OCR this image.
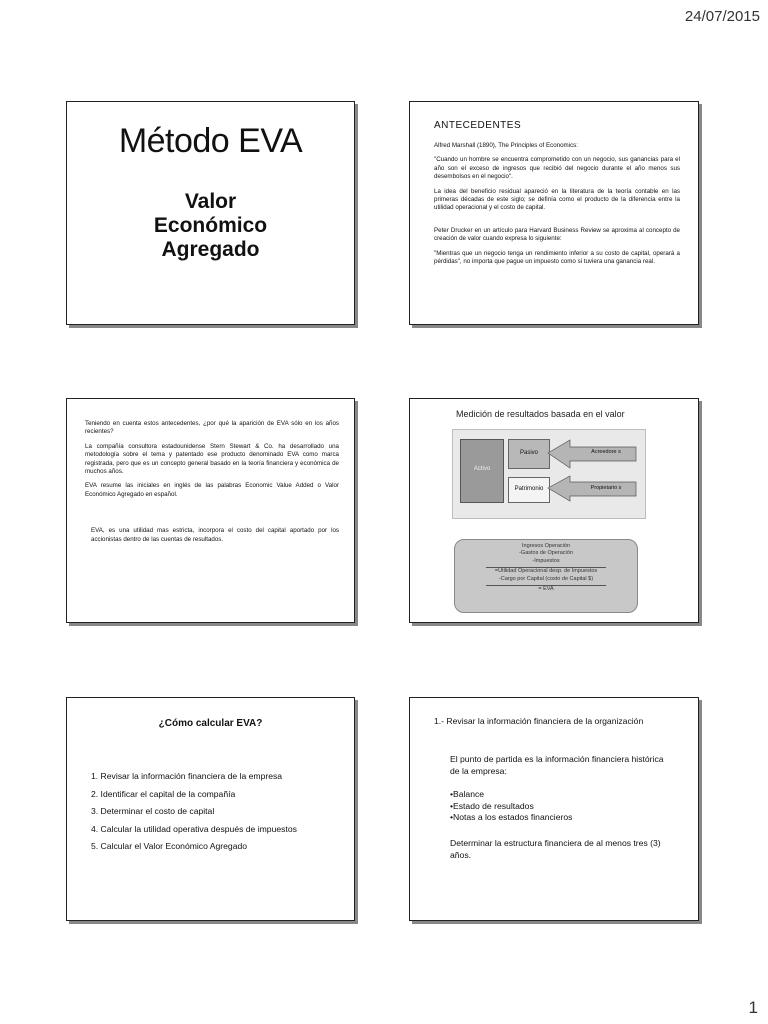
24/07/2015
Método EVA
Valor
Económico
Agregado
ANTECEDENTES

Alfred Marshall (1890), The Principles of Economics:

"Cuando un hombre se encuentra comprometido con un negocio, sus ganancias para el año son el exceso de ingresos que recibió del negocio durante el año menos sus desembolsos en el negocio".

La idea del beneficio residual apareció en la literatura de la teoría contable en las primeras décadas de este siglo; se definía como el producto de la diferencia entre la utilidad operacional y el costo de capital.

Peter Drucker en un artículo para Harvard Business Review se aproxima al concepto de creación de valor cuando expresa lo siguiente:

"Mientras que un negocio tenga un rendimiento inferior a su costo de capital, operará a pérdidas", no importa que pague un impuesto como si tuviera una ganancia real.

Teniendo en cuenta estos antecedentes, ¿por qué la aparición de EVA sólo en los años recientes?

La compañía consultora estadounidense Stern Stewart & Co. ha desarrollado una metodología sobre el tema y patentado ese producto denominado EVA como marca registrada, pero que es un concepto general basado en la teoría financiera y económica de muchos años.

EVA resume las iniciales en inglés de las palabras Economic Value Added o Valor Económico Agregado en español.

EVA, es una utilidad mas estricta, incorpora el costo del capital aportado por los accionistas dentro de las cuentas de resultados.

Medición de resultados basada en el valor
Activo
Pasivo
Patrimonio
Acreedore s
Propietario s
Ingresos Operación
-Gastos de Operación
-Impuestos
=Utilidad Operacional desp. de Impuestos
-Cargo por Capital (costo de Capital $)
= EVA
¿Cómo calcular EVA?
1. Revisar la información financiera de la empresa
2. Identificar el capital de la compañía
3. Determinar el costo de capital
4. Calcular la utilidad operativa después de impuestos
5. Calcular el Valor Económico Agregado
1.- Revisar la información financiera de la organización
El punto de partida es la información financiera histórica de la empresa:
•Balance
•Estado de resultados
•Notas a los estados financieros
Determinar la estructura financiera de al menos tres (3) años.
1
